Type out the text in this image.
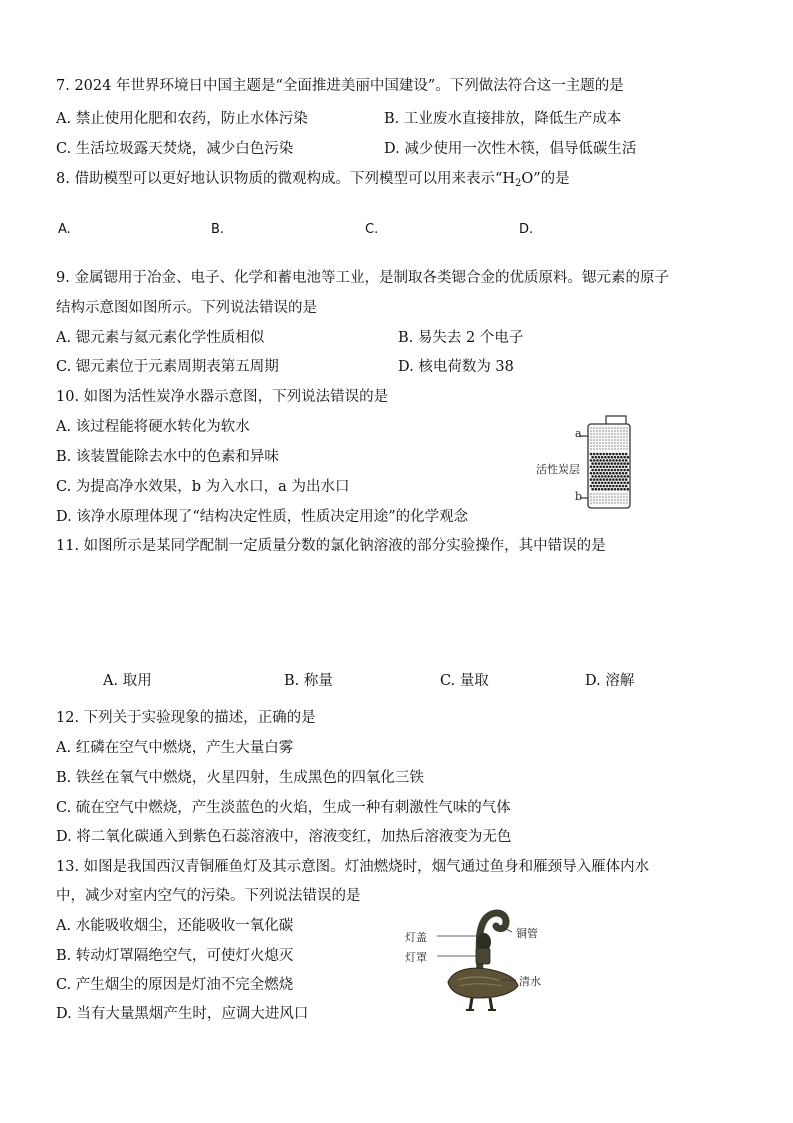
7. 2024 年世界环境日中国主题是“全面推进美丽中国建设”。下列做法符合这一主题的是
A. 禁止使用化肥和农药，防止水体污染	B. 工业废水直接排放，降低生产成本
C. 生活垃圾露天焚烧，减少白色污染	D. 减少使用一次性木筷，倡导低碳生活
8. 借助模型可以更好地认识物质的微观构成。下列模型可以用来表示“$H_2O$”的是
A.	B.	C.	D.
9. 金属锶用于冶金、电子、化学和蓄电池等工业，是制取各类锶合金的优质原料。锶元素的原子
结构示意图如图所示。下列说法错误的是
A. 锶元素与氦元素化学性质相似	B. 易失去 2 个电子
C. 锶元素位于元素周期表第五周期	D. 核电荷数为 38
10. 如图为活性炭净水器示意图，下列说法错误的是
A. 该过程能将硬水转化为软水
B. 该装置能除去水中的色素和异味
C. 为提高净水效果，b 为入水口，a 为出水口
D. 该净水原理体现了“结构决定性质，性质决定用途”的化学观念
a
活性炭层
b
11. 如图所示是某同学配制一定质量分数的氯化钠溶液的部分实验操作，其中错误的是
A. 取用	B. 称量	C. 量取	D. 溶解
12. 下列关于实验现象的描述，正确的是
A. 红磷在空气中燃烧，产生大量白雾
B. 铁丝在氧气中燃烧，火星四射，生成黑色的四氧化三铁
C. 硫在空气中燃烧，产生淡蓝色的火焰，生成一种有刺激性气味的气体
D. 将二氧化碳通入到紫色石蕊溶液中，溶液变红，加热后溶液变为无色
13. 如图是我国西汉青铜雁鱼灯及其示意图。灯油燃烧时，烟气通过鱼身和雁颈导入雁体内水
中，减少对室内空气的污染。下列说法错误的是
A. 水能吸收烟尘，还能吸收一氧化碳
B. 转动灯罩隔绝空气，可使灯火熄灭
C. 产生烟尘的原因是灯油不完全燃烧
D. 当有大量黑烟产生时，应调大进风口
灯盖
灯罩
铜管
清水
